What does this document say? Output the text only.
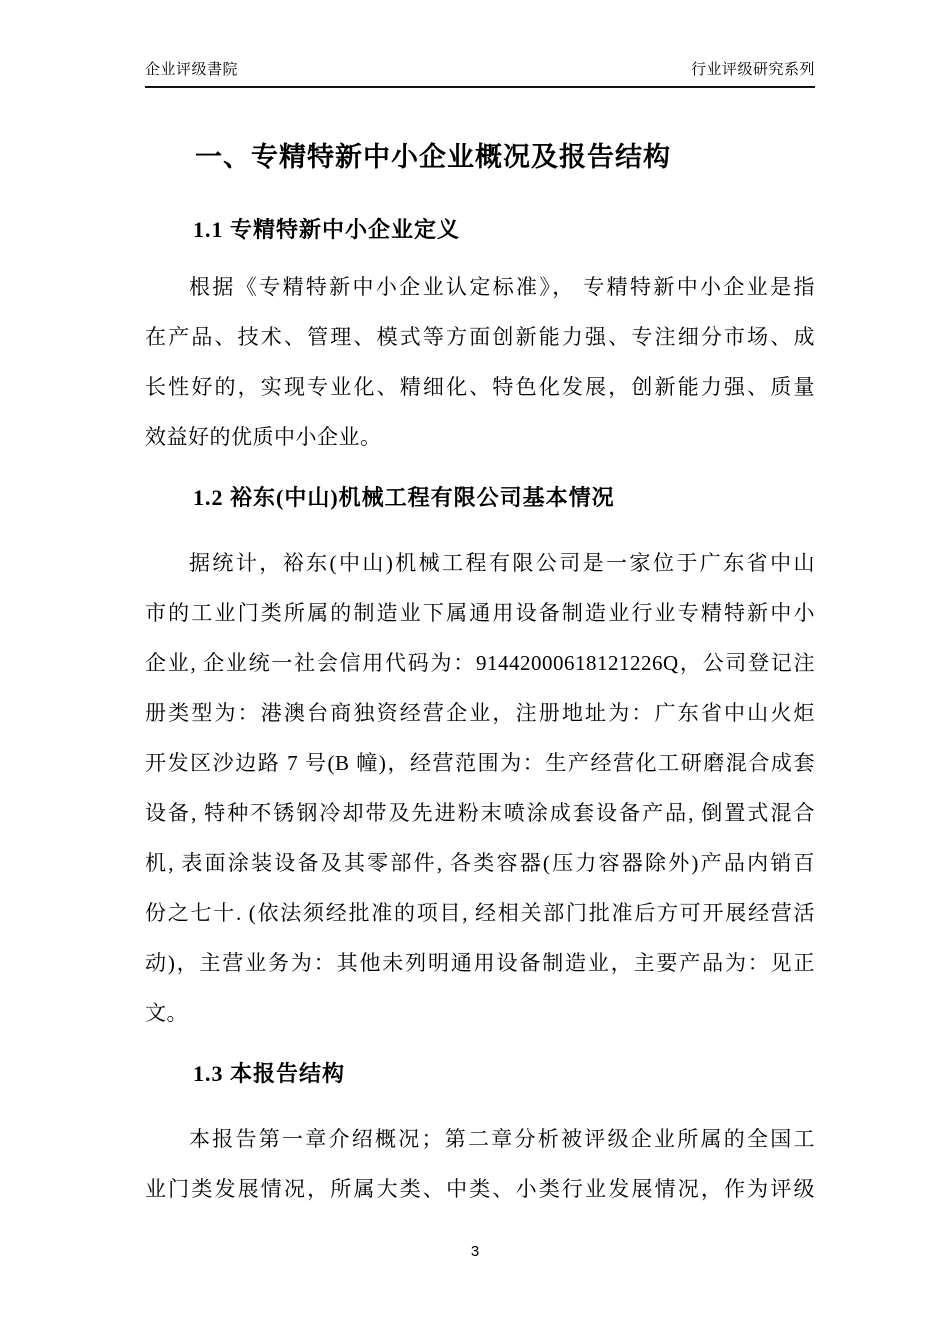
企业评级書院	行业评级研究系列
一、专精特新中小企业概况及报告结构
1.1 专精特新中小企业定义
根据《专精特新中小企业认定标准》， 专精特新中小企业是指
在产品、技术、管理、模式等方面创新能力强、专注细分市场、成
长性好的，实现专业化、精细化、特色化发展，创新能力强、质量
效益好的优质中小企业。
1.2 裕东(中山)机械工程有限公司基本情况
据统计，裕东(中山)机械工程有限公司是一家位于广东省中山
市的工业门类所属的制造业下属通用设备制造业行业专精特新中小
企业, 企业统一社会信用代码为：91442000618121226Q，公司登记注
册类型为：港澳台商独资经营企业，注册地址为：广东省中山火炬
开发区沙边路 7 号(B 幢)，经营范围为：生产经营化工研磨混合成套
设备, 特种不锈钢冷却带及先进粉末喷涂成套设备产品, 倒置式混合
机, 表面涂装设备及其零部件, 各类容器(压力容器除外)产品内销百
份之七十. (依法须经批准的项目, 经相关部门批准后方可开展经营活
动)，主营业务为：其他未列明通用设备制造业，主要产品为：见正
文。
1.3 本报告结构
本报告第一章介绍概况；第二章分析被评级企业所属的全国工
业门类发展情况，所属大类、中类、小类行业发展情况，作为评级
3
